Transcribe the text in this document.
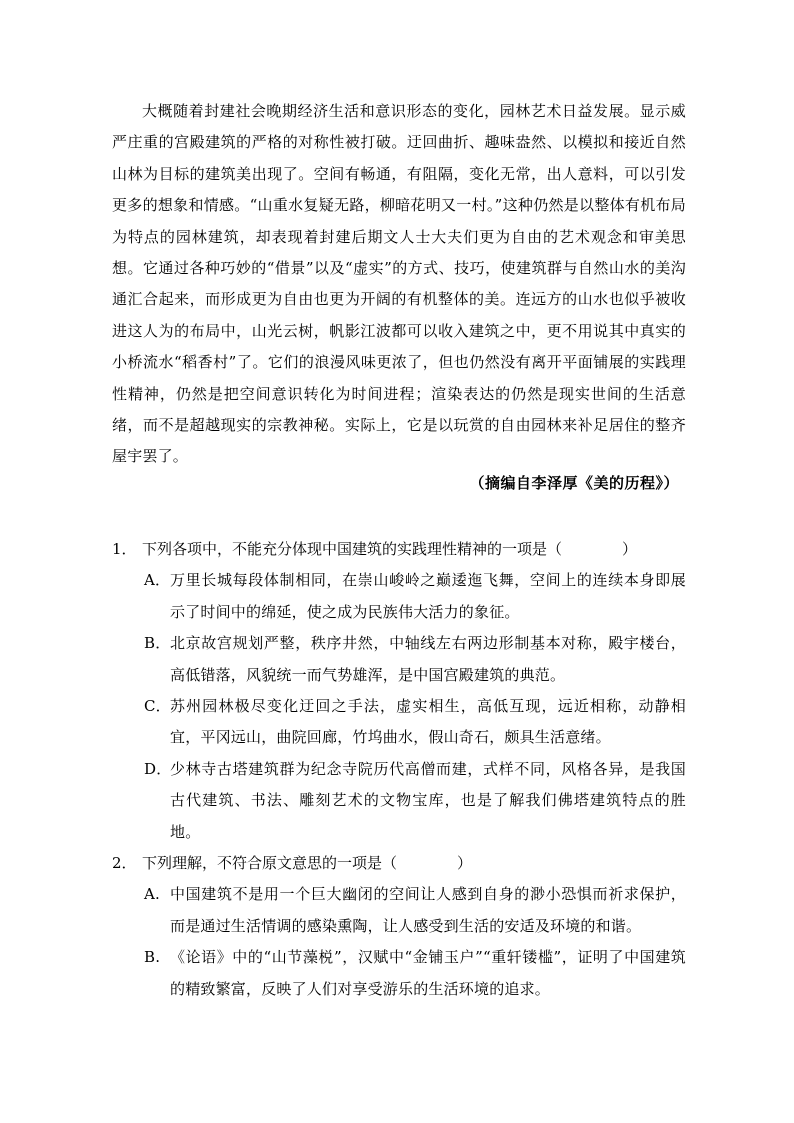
大概随着封建社会晚期经济生活和意识形态的变化，园林艺术日益发展。显示威严庄重的宫殿建筑的严格的对称性被打破。迂回曲折、趣味盎然、以模拟和接近自然山林为目标的建筑美出现了。空间有畅通，有阻隔，变化无常，出人意料，可以引发更多的想象和情感。“山重水复疑无路，柳暗花明又一村。”这种仍然是以整体有机布局为特点的园林建筑，却表现着封建后期文人士大夫们更为自由的艺术观念和审美思想。它通过各种巧妙的“借景”以及“虚实”的方式、技巧，使建筑群与自然山水的美沟通汇合起来，而形成更为自由也更为开阔的有机整体的美。连远方的山水也似乎被收进这人为的布局中，山光云树，帆影江波都可以收入建筑之中，更不用说其中真实的小桥流水“稻香村”了。它们的浪漫风味更浓了，但也仍然没有离开平面铺展的实践理性精神，仍然是把空间意识转化为时间进程；渲染表达的仍然是现实世间的生活意绪，而不是超越现实的宗教神秘。实际上，它是以玩赏的自由园林来补足居住的整齐屋宇罢了。

（摘编自李泽厚《美的历程》）
1． 下列各项中，不能充分体现中国建筑的实践理性精神的一项是（　　　　）
A． 万里长城每段体制相同，在崇山峻岭之巅逶迤飞舞，空间上的连续本身即展示了时间中的绵延，使之成为民族伟大活力的象征。
B． 北京故宫规划严整，秩序井然，中轴线左右两边形制基本对称，殿宇楼台，高低错落，风貌统一而气势雄浑，是中国宫殿建筑的典范。
C． 苏州园林极尽变化迂回之手法，虚实相生，高低互现，远近相称，动静相宜，平冈远山，曲院回廊，竹坞曲水，假山奇石，颇具生活意绪。
D．
少林寺古塔建筑群为纪念寺院历代高僧而建，式样不同，风格各异，是我国古代建筑、书法、雕刻艺术的文物宝库，也是了解我们佛塔建筑特点的胜地。
2． 下列理解，不符合原文意思的一项是（　　　　）
A. 中国建筑不是用一个巨大幽闭的空间让人感到自身的渺小恐惧而祈求保护，而是通过生活情调的感染熏陶，让人感受到生活的安适及环境的和谐。
B. 《论语》中的“山节藻棁”，汉赋中“金铺玉户”“重轩镂槛”，证明了中国建筑的精致繁富，反映了人们对享受游乐的生活环境的追求。
